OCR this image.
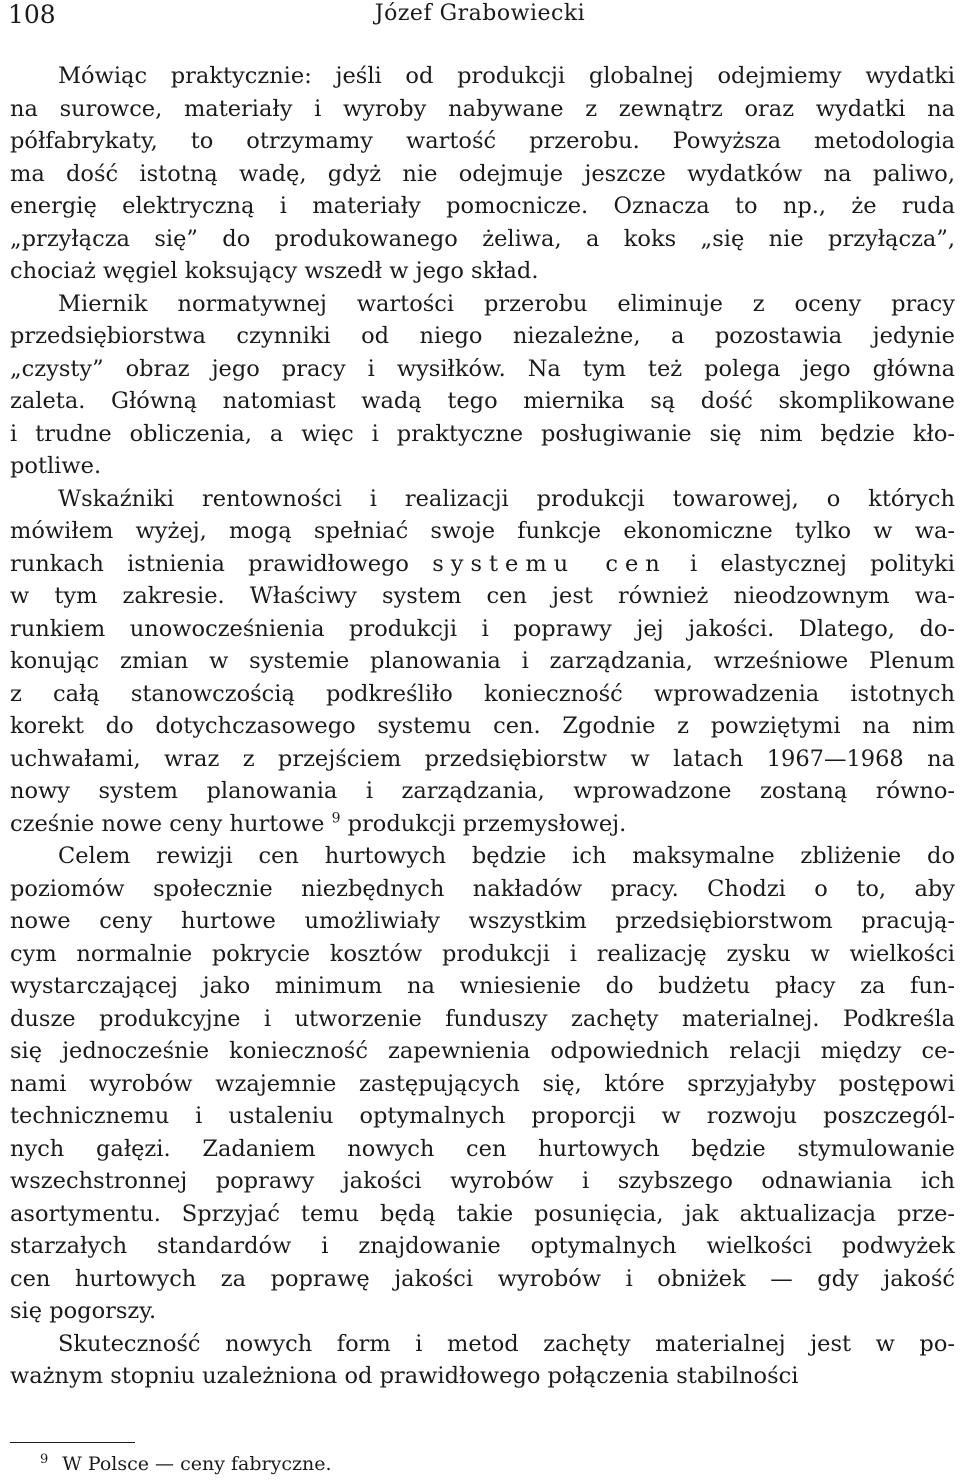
108	Józef Grabowiecki
Mówiąc praktycznie: jeśli od produkcji globalnej odejmiemy wydatki
na surowce, materiały i wyroby nabywane z zewnątrz oraz wydatki na
półfabrykaty, to otrzymamy wartość przerobu. Powyższa metodologia
ma dość istotną wadę, gdyż nie odejmuje jeszcze wydatków na paliwo,
energię elektryczną i materiały pomocnicze. Oznacza to np., że ruda
„przyłącza się” do produkowanego żeliwa, a koks „się nie przyłącza”,
chociaż węgiel koksujący wszedł w jego skład.
Miernik normatywnej wartości przerobu eliminuje z oceny pracy
przedsiębiorstwa czynniki od niego niezależne, a pozostawia jedynie
„czysty” obraz jego pracy i wysiłków. Na tym też polega jego główna
zaleta. Główną natomiast wadą tego miernika są dość skomplikowane
i trudne obliczenia, a więc i praktyczne posługiwanie się nim będzie kło-
potliwe.
Wskaźniki rentowności i realizacji produkcji towarowej, o których
mówiłem wyżej, mogą spełniać swoje funkcje ekonomiczne tylko w wa-
runkach istnienia prawidłowego systemu cen i elastycznej polityki
w tym zakresie. Właściwy system cen jest również nieodzownym wa-
runkiem unowocześnienia produkcji i poprawy jej jakości. Dlatego, do-
konując zmian w systemie planowania i zarządzania, wrześniowe Plenum
z całą stanowczością podkreśliło konieczność wprowadzenia istotnych
korekt do dotychczasowego systemu cen. Zgodnie z powziętymi na nim
uchwałami, wraz z przejściem przedsiębiorstw w latach 1967—1968 na
nowy system planowania i zarządzania, wprowadzone zostaną równo-
cześnie nowe ceny hurtowe $^9$ produkcji przemysłowej.
Celem rewizji cen hurtowych będzie ich maksymalne zbliżenie do
poziomów społecznie niezbędnych nakładów pracy. Chodzi o to, aby
nowe ceny hurtowe umożliwiały wszystkim przedsiębiorstwom pracują-
cym normalnie pokrycie kosztów produkcji i realizację zysku w wielkości
wystarczającej jako minimum na wniesienie do budżetu płacy za fun-
dusze produkcyjne i utworzenie funduszy zachęty materialnej. Podkreśla
się jednocześnie konieczność zapewnienia odpowiednich relacji między ce-
nami wyrobów wzajemnie zastępujących się, które sprzyjałyby postępowi
technicznemu i ustaleniu optymalnych proporcji w rozwoju poszczegól-
nych gałęzi. Zadaniem nowych cen hurtowych będzie stymulowanie
wszechstronnej poprawy jakości wyrobów i szybszego odnawiania ich
asortymentu. Sprzyjać temu będą takie posunięcia, jak aktualizacja prze-
starzałych standardów i znajdowanie optymalnych wielkości podwyżek
cen hurtowych za poprawę jakości wyrobów i obniżek — gdy jakość
się pogorszy.
Skuteczność nowych form i metod zachęty materialnej jest w po-
ważnym stopniu uzależniona od prawidłowego połączenia stabilności
$^9$ W Polsce — ceny fabryczne.
